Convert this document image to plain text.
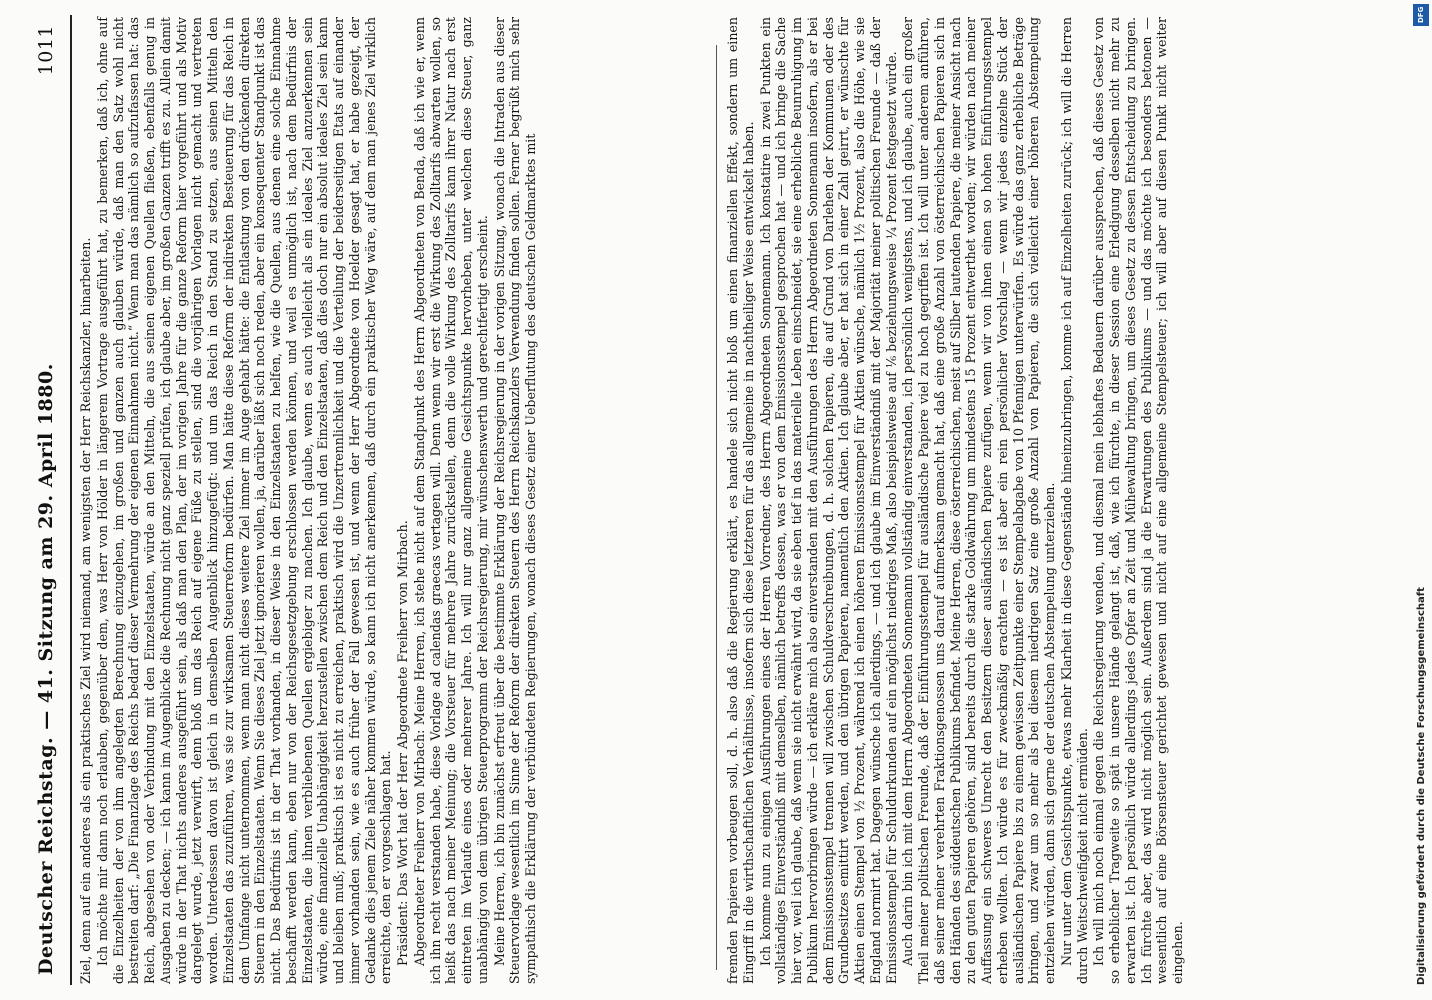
Deutscher Reichstag. — 41. Sitzung am 29. April 1880.
1011

Ziel, denn auf ein anderes als ein praktisches Ziel wird niemand, am wenigsten der Herr Reichskanzler, hinarbeiten. Ich möchte mir dann noch erlauben, gegenüber dem, was Herr von Hölder in längerem Vortrage ausgeführt hat, zu bemerken, daß ich, ohne auf die Einzelheiten der von ihm angelegten Berechnung einzugehen, im großen und ganzen auch glauben würde, daß man den Satz wohl nicht bestreiten darf: „Die Finanzlage des Reichs bedarf dieser Vermehrung der eigenen Einnahmen nicht.“ Wenn man das nämlich so aufzufassen hat: das Reich, abgesehen von oder Verbindung mit den Einzelstaaten, würde an den Mitteln, die aus seinen eigenen Quellen fließen, ebenfalls genug in Ausgaben zu decken; — ich kann im Augenblicke die Rechnung nicht ganz speziell prüfen, ich glaube aber, im großen Ganzen trifft es zu. Allein damit würde in der That nichts anderes ausgeführt sein, als daß man den Plan, der im vorigen Jahre für die ganze Reform hier vorgeführt und als Motiv dargelegt wurde, jetzt verwirft, denn bloß um das Reich auf eigene Füße zu stellen, sind die vorjährigen Vorlagen nicht gemacht und vertreten worden. Unterdessen davon ist gleich in demselben Augenblick hinzugefügt: und um das Reich in den Stand zu setzen, aus seinen Mitteln den Einzelstaaten das zuzuführen, was sie zur wirksamen Steuerreform bedürfen. Man hätte diese Reform der indirekten Besteuerung für das Reich in dem Umfange nicht unternommen, wenn man nicht dieses weitere Ziel immer im Auge gehabt hätte: die Entlastung von den drückenden direkten Steuern in den Einzelstaaten. Wenn Sie dieses Ziel jetzt ignorieren wollen, ja, darüber läßt sich noch reden, aber ein konsequenter Standpunkt ist das nicht. Das Bedürfnis ist in der That vorhanden, in dieser Weise in den Einzelstaaten zu helfen, wie die Quellen, aus denen eine solche Einnahme beschafft werden kann, eben nur von der Reichsgesetzgebung erschlossen werden können, und weil es unmöglich ist, nach dem Bedürfnis der Einzelstaaten, die ihnen verbliebenen Quellen ergiebiger zu machen. Ich glaube, wenn es auch vielleicht als ein ideales Ziel anzuerkennen sein würde, eine finanzielle Unabhängigkeit herzustellen zwischen dem Reich und den Einzelstaaten, daß dies doch nur ein absolut ideales Ziel sein kann und bleiben muß; praktisch ist es nicht zu erreichen, praktisch wird die Unzertrennlichkeit und die Verteilung der beiderseitigen Etats auf einander immer vorhanden sein, wie es auch früher der Fall gewesen ist, und wenn der Herr Abgeordnete von Hoelder gesagt hat, er habe gezeigt, der Gedanke dies jenem Ziele näher kommen würde, so kann ich nicht anerkennen, daß durch ein praktischer Weg wäre, auf dem man jenes Ziel wirklich erreichte, den er vorgeschlagen hat. Präsident: Das Wort hat der Herr Abgeordnete Freiherr von Mirbach. Abgeordneter Freiherr von Mirbach: Meine Herren, ich stehe nicht auf dem Standpunkt des Herrn Abgeordneten von Benda, daß ich wie er, wenn ich ihn recht verstanden habe, diese Vorlage ad calendas graecas vertagen will. Denn wenn wir erst die Wirkung des Zolltarifs abwarten wollen, so heißt das nach meiner Meinung; die Vorsteuer für mehrere Jahre zurückstellen, denn die volle Wirkung des Zolltarifs kann ihrer Natur nach erst eintreten im Verlaufe eines oder mehrerer Jahre. Ich will nur ganz allgemeine Gesichtspunkte hervorheben, unter welchen diese Steuer, ganz unabhängig von dem übrigen Steuerprogramm der Reichsregierung, mir wünschenswerth und gerechtfertigt erscheint. Meine Herren, ich bin zunächst erfreut über die bestimmte Erklärung der Reichsregierung in der vorigen Sitzung, wonach die Intraden aus dieser Steuervorlage wesentlich im Sinne der Reform der direkten Steuern des Herrn Reichskanzlers Verwendung finden sollen. Ferner begrüßt mich sehr sympathisch die Erklärung der verbündeten Regierungen, wonach dieses Gesetz einer Ueberflutung des deutschen Geldmarktes mit	fremden Papieren vorbeugen soll, d. h. also daß die Regierung erklärt, es handele sich nicht bloß um einen finanziellen Effekt, sondern um einen Eingriff in die wirthschaftlichen Verhältnisse, insofern sich diese letzteren für das allgemeine in nachtheiliger Weise entwickelt haben. Ich komme nun zu einigen Ausführungen eines der Herren Vorredner, des Herrn Abgeordneten Sonnemann. Ich konstatire in zwei Punkten ein vollständiges Einverständniß mit demselben, nämlich betreffs dessen, was er von dem Emissionsstempel gesprochen hat — und ich bringe die Sache hier vor, weil ich glaube, daß wenn sie nicht erwähnt wird, da sie eben tief in das materielle Leben einschneidet, sie eine erhebliche Beunruhigung im Publikum hervorbringen würde — ich erkläre mich also einverstanden mit den Ausführungen des Herrn Abgeordneten Sonnemann insofern, als er bei dem Emissionsstempel trennen will zwischen Schuldverschreibungen, d. h. solchen Papieren, die auf Grund von Darlehen der Kommunen oder des Grundbesitzes emittirt werden, und den übrigen Papieren, namentlich den Aktien. Ich glaube aber, er hat sich in einer Zahl geirrt, er wünschte für Aktien einen Stempel von ½ Prozent, während ich einen höheren Emissionsstempel für Aktien wünsche, nämlich 1½ Prozent, also die Höhe, wie sie England normirt hat. Dagegen wünsche ich allerdings, — und ich glaube im Einverständniß mit der Majorität meiner politischen Freunde — daß der Emissionsstempel für Schuldurkunden auf ein möglichst niedriges Maß, also beispielsweise auf ⅙ beziehungsweise ¼ Prozent festgesetzt würde. Auch darin bin ich mit dem Herrn Abgeordneten Sonnemann vollständig einverstanden, ich persönlich wenigstens, und ich glaube, auch ein großer Theil meiner politischen Freunde, daß der Einführungsstempel für ausländische Papiere viel zu hoch gegriffen ist. Ich will unter anderem anführen, daß seiner meiner verehrten Fraktionsgenossen uns darauf aufmerksam gemacht hat, daß eine große Anzahl von österreichischen Papieren sich in den Händen des süddeutschen Publikums befindet. Meine Herren, diese österreichischen, meist auf Silber lautenden Papiere, die meiner Ansicht nach zu den guten Papieren gehören, sind bereits durch die starke Goldwährung um mindestens 15 Prozent entwerthet worden; wir würden nach meiner Auffassung ein schweres Unrecht den Besitzern dieser ausländischen Papiere zufügen, wenn wir von ihnen einen so hohen Einführungsstempel erheben wollten. Ich würde es für zweckmäßig erachten — es ist aber ein rein persönlicher Vorschlag — wenn wir jedes einzelne Stück der ausländischen Papiere bis zu einem gewissen Zeitpunkte einer Stempelabgabe von 10 Pfennigen unterwürfen. Es würde das ganz erhebliche Beträge bringen, und zwar um so mehr als bei diesem niedrigen Satz eine große Anzahl von Papieren, die sich vielleicht einer höheren Abstempelung entziehen würden, dann sich gerne der deutschen Abstempelung unterziehen. Nur unter dem Gesichtspunkte, etwas mehr Klarheit in diese Gegenstände hineinzubringen, komme ich auf Einzelheiten zurück; ich will die Herren durch Weitschweifigkeit nicht ermüden. Ich will mich noch einmal gegen die Reichsregierung wenden, und diesmal mein lebhaftes Bedauern darüber aussprechen, daß dieses Gesetz von so erheblicher Tragweite so spät in unsere Hände gelangt ist, daß, wie ich fürchte, in dieser Session eine Erledigung desselben nicht mehr zu erwarten ist. Ich persönlich würde allerdings jedes Opfer an Zeit und Mühewaltung bringen, um dieses Gesetz zu dessen Entscheidung zu bringen. Ich fürchte aber, das wird nicht möglich sein. Außerdem sind ja die Erwartungen des Publikums — und das möchte ich besonders betonen — wesentlich auf eine Börsensteuer gerichtet gewesen und nicht auf eine allgemeine Stempelsteuer; ich will aber auf diesen Punkt nicht weiter eingehen.	Digitalisierung gefördert durch die Deutsche Forschungsgemeinschaft
DFG
